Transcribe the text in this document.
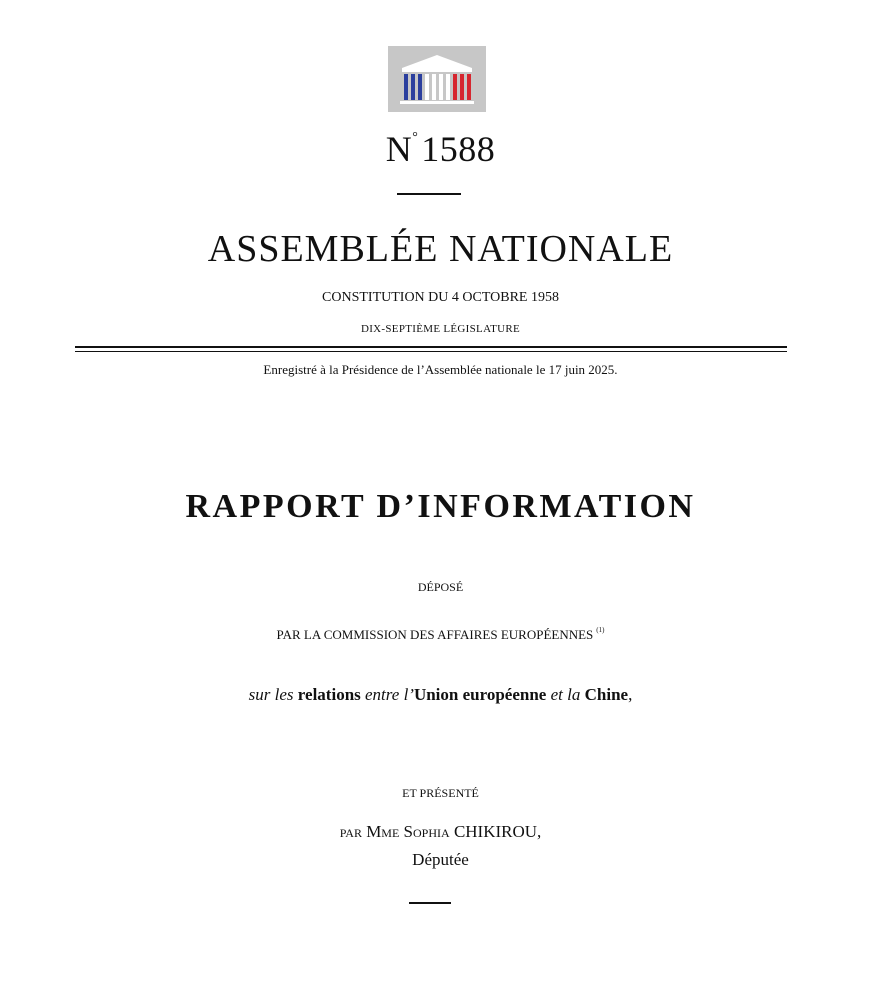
N°1588

ASSEMBLÉE NATIONALE

CONSTITUTION DU 4 OCTOBRE 1958

DIX-SEPTIÈME LÉGISLATURE

Enregistré à la Présidence de l’Assemblée nationale le 17 juin 2025.

RAPPORT D’INFORMATION

DÉPOSÉ

PAR LA COMMISSION DES AFFAIRES EUROPÉENNES $^{(1)}$

sur les relations entre l’Union européenne et la Chine,

ET PRÉSENTÉ

par Mme Sophia CHIKIROU,

Députée
